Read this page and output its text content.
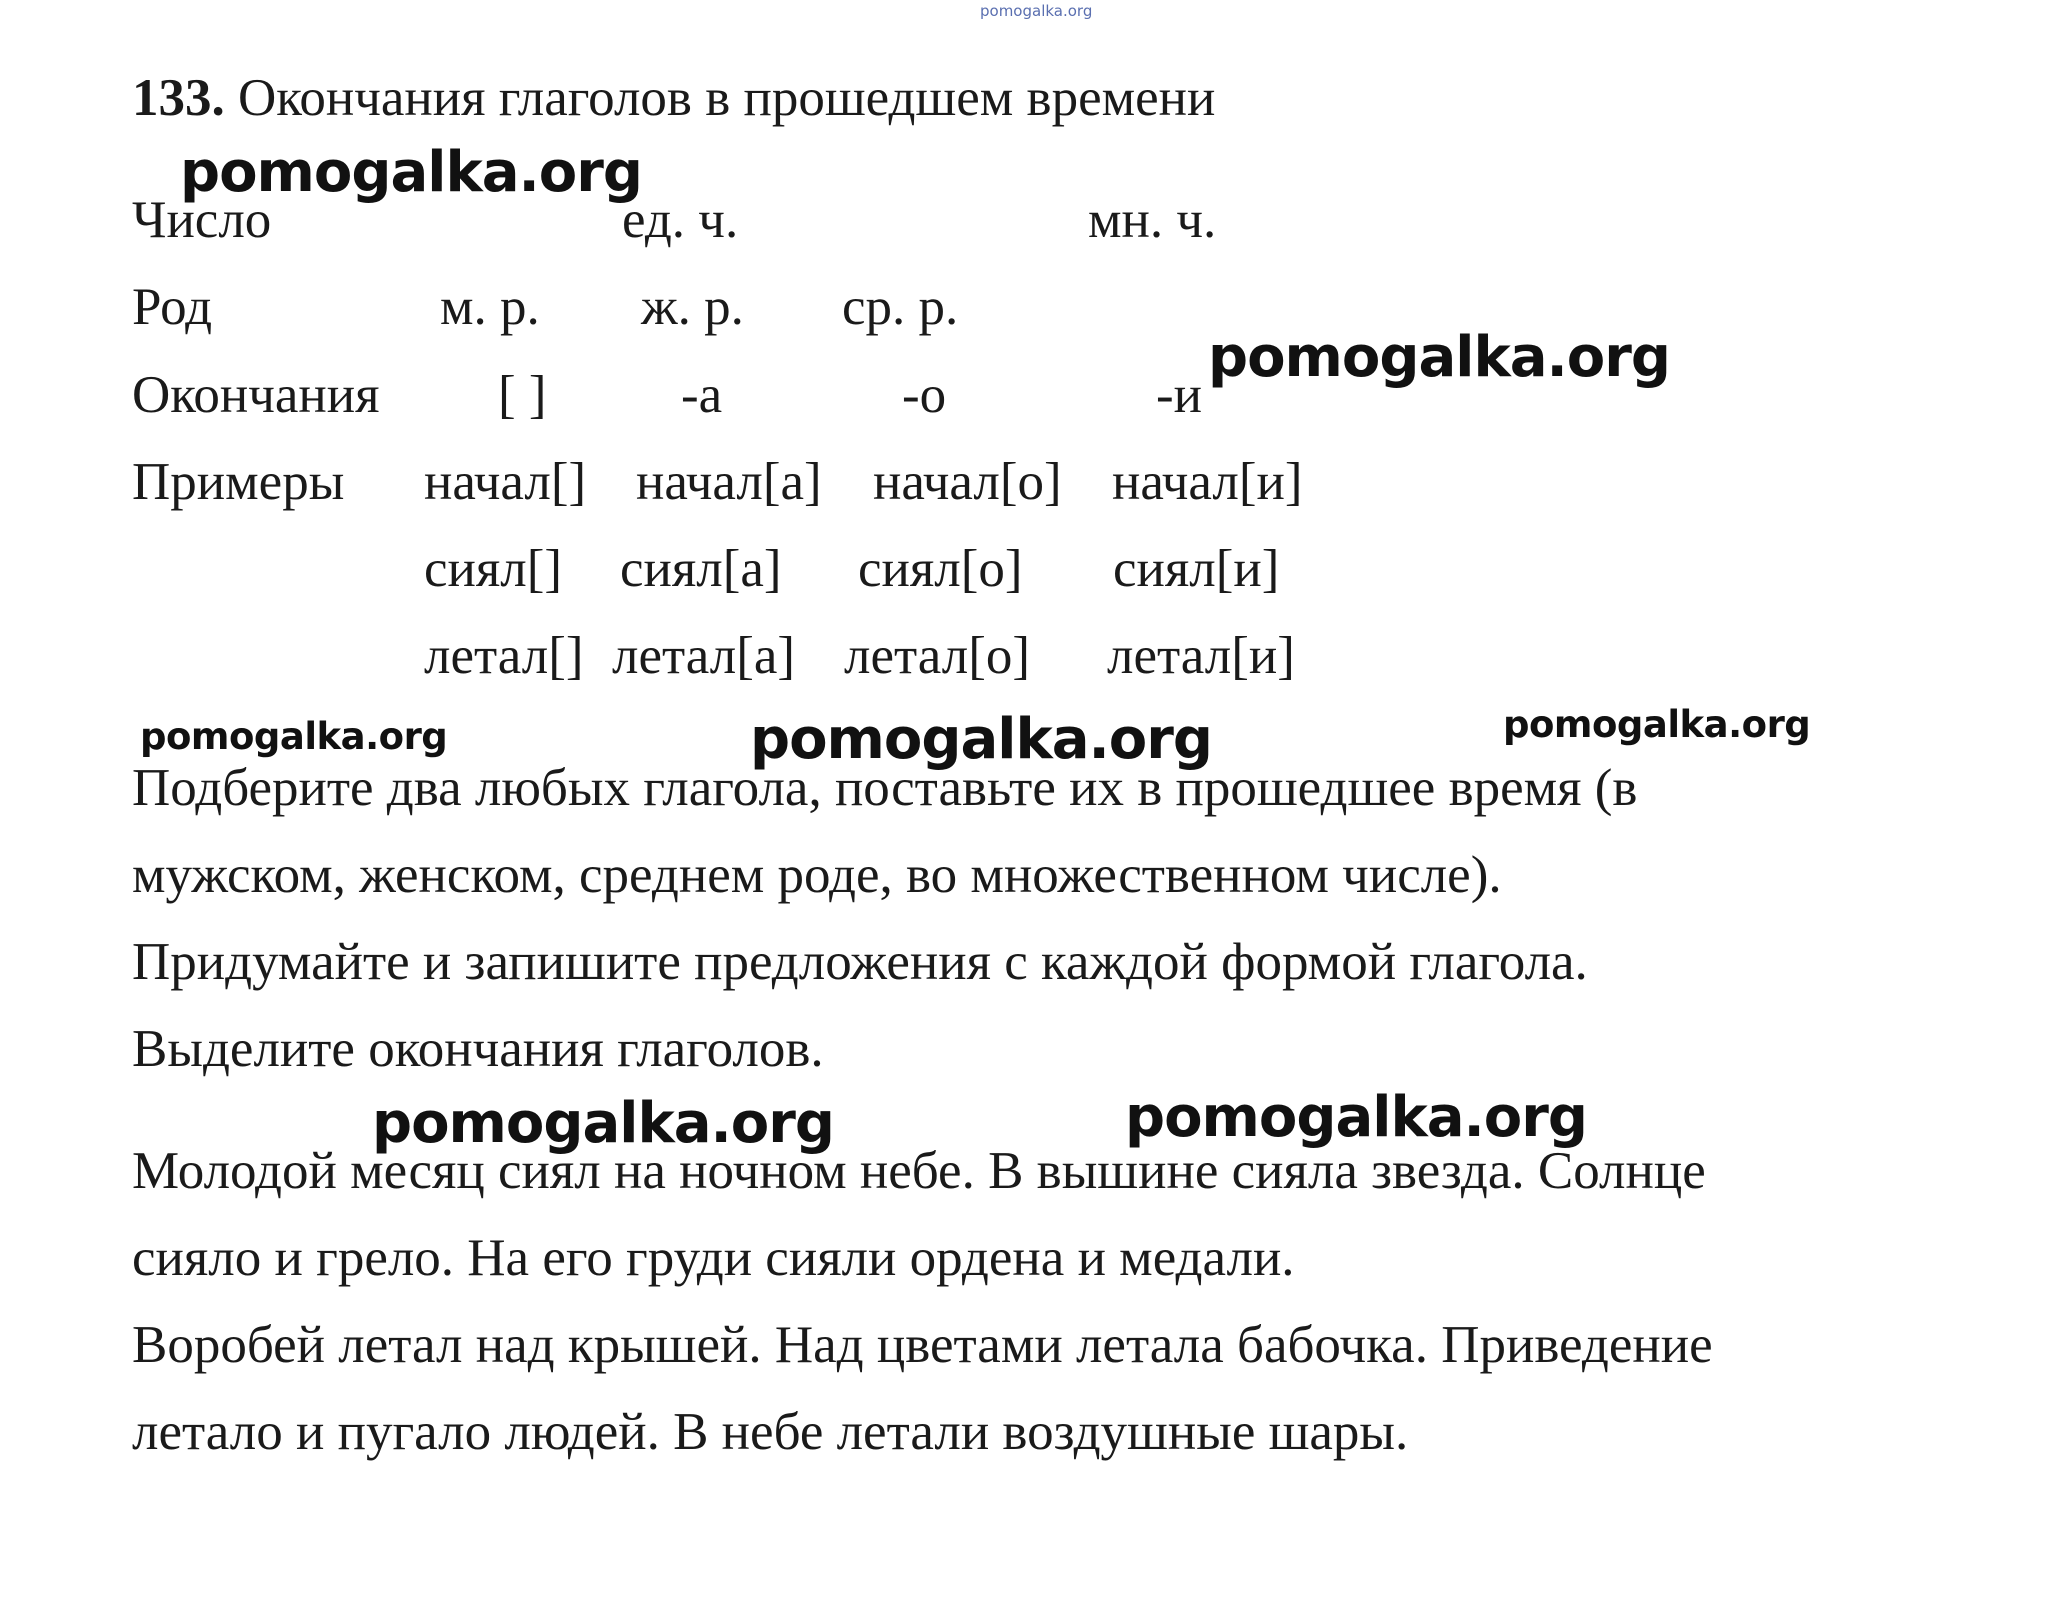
pomogalka.org
133. Окончания глаголов в прошедшем времени
Число	ед. ч.	мн. ч.
Род	м. р. ж. р. ср. р.
Окончания [ ]	-а	-о	-и
Примеры начал[] начал[а] начал[о] начал[и]
сиял[] сиял[а] сиял[о] сиял[и]
летал[] летал[а] летал[о] летал[и]
Подберите два любых глагола, поставьте их в прошедшее время (в
мужском, женском, среднем роде, во множественном числе).
Придумайте и запишите предложения с каждой формой глагола.
Выделите окончания глаголов.
Молодой месяц сиял на ночном небе. В вышине сияла звезда. Солнце
сияло и грело. На его груди сияли ордена и медали.
Воробей летал над крышей. Над цветами летала бабочка. Приведение
летало и пугало людей. В небе летали воздушные шары.
pomogalka.org
pomogalka.org
pomogalka.org	pomogalka.org	pomogalka.org
pomogalka.org	pomogalka.org
